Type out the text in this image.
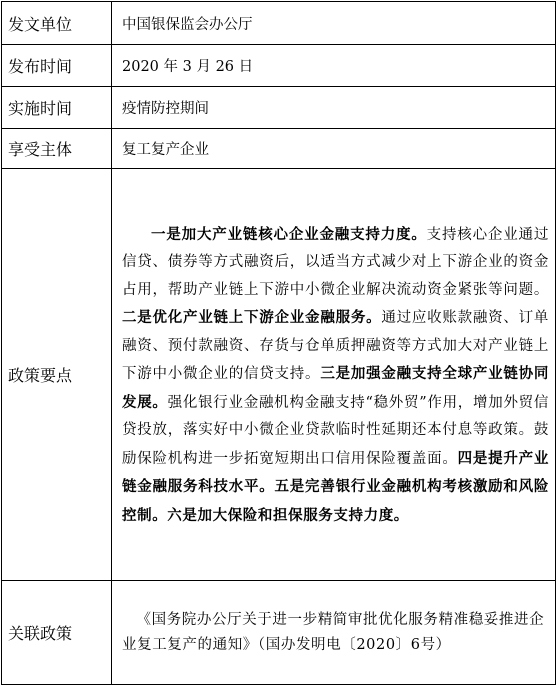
发文单位	中国银保监会办公厅
发布时间	2020 年 3 月 26 日
实施时间	疫情防控期间
享受主体	复工复产企业
政策要点	一是加大产业链核心企业金融支持力度。支持核心企业通过信贷、债券等方式融资后，以适当方式减少对上下游企业的资金占用，帮助产业链上下游中小微企业解决流动资金紧张等问题。二是优化产业链上下游企业金融服务。通过应收账款融资、订单融资、预付款融资、存货与仓单质押融资等方式加大对产业链上下游中小微企业的信贷支持。三是加强金融支持全球产业链协同发展。强化银行业金融机构金融支持“稳外贸”作用，增加外贸信贷投放，落实好中小微企业贷款临时性延期还本付息等政策。鼓励保险机构进一步拓宽短期出口信用保险覆盖面。四是提升产业链金融服务科技水平。五是完善银行业金融机构考核激励和风险控制。六是加大保险和担保服务支持力度。

关联政策	《国务院办公厅关于进一步精简审批优化服务精准稳妥推进企业复工复产的通知》（国办发明电〔2020〕6号）
